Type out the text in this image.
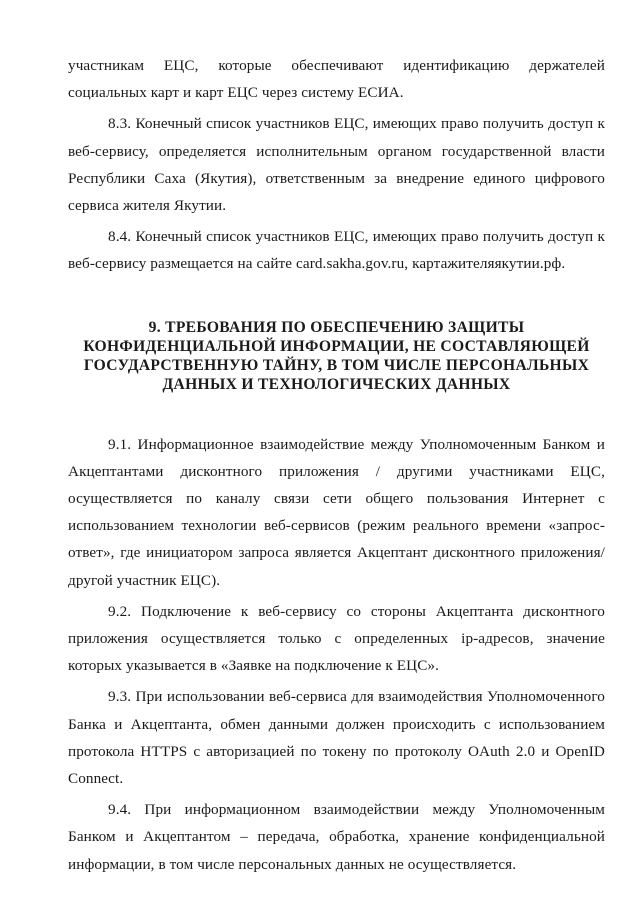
участникам ЕЦС, которые обеспечивают идентификацию держателей социальных карт и карт ЕЦС через систему ЕСИА.

8.3. Конечный список участников ЕЦС, имеющих право получить доступ к веб-сервису, определяется исполнительным органом государственной власти Республики Саха (Якутия), ответственным за внедрение единого цифрового сервиса жителя Якутии.

8.4. Конечный список участников ЕЦС, имеющих право получить доступ к веб-сервису размещается на сайте card.sakha.gov.ru, картажителяякутии.рф.

9. ТРЕБОВАНИЯ ПО ОБЕСПЕЧЕНИЮ ЗАЩИТЫ КОНФИДЕНЦИАЛЬНОЙ ИНФОРМАЦИИ, НЕ СОСТАВЛЯЮЩЕЙ ГОСУДАРСТВЕННУЮ ТАЙНУ, В ТОМ ЧИСЛЕ ПЕРСОНАЛЬНЫХ ДАННЫХ И ТЕХНОЛОГИЧЕСКИХ ДАННЫХ

9.1. Информационное взаимодействие между Уполномоченным Банком и Акцептантами дисконтного приложения / другими участниками ЕЦС, осуществляется по каналу связи сети общего пользования Интернет с использованием технологии веб-сервисов (режим реального времени «запрос-ответ», где инициатором запроса является Акцептант дисконтного приложения/ другой участник ЕЦС).

9.2. Подключение к веб-сервису со стороны Акцептанта дисконтного приложения осуществляется только с определенных ip-адресов, значение которых указывается в «Заявке на подключение к ЕЦС».

9.3. При использовании веб-сервиса для взаимодействия Уполномоченного Банка и Акцептанта, обмен данными должен происходить с использованием протокола HTTPS с авторизацией по токену по протоколу OAuth 2.0 и OpenID Connect.

9.4. При информационном взаимодействии между Уполномоченным Банком и Акцептантом – передача, обработка, хранение конфиденциальной информации, в том числе персональных данных не осуществляется.
